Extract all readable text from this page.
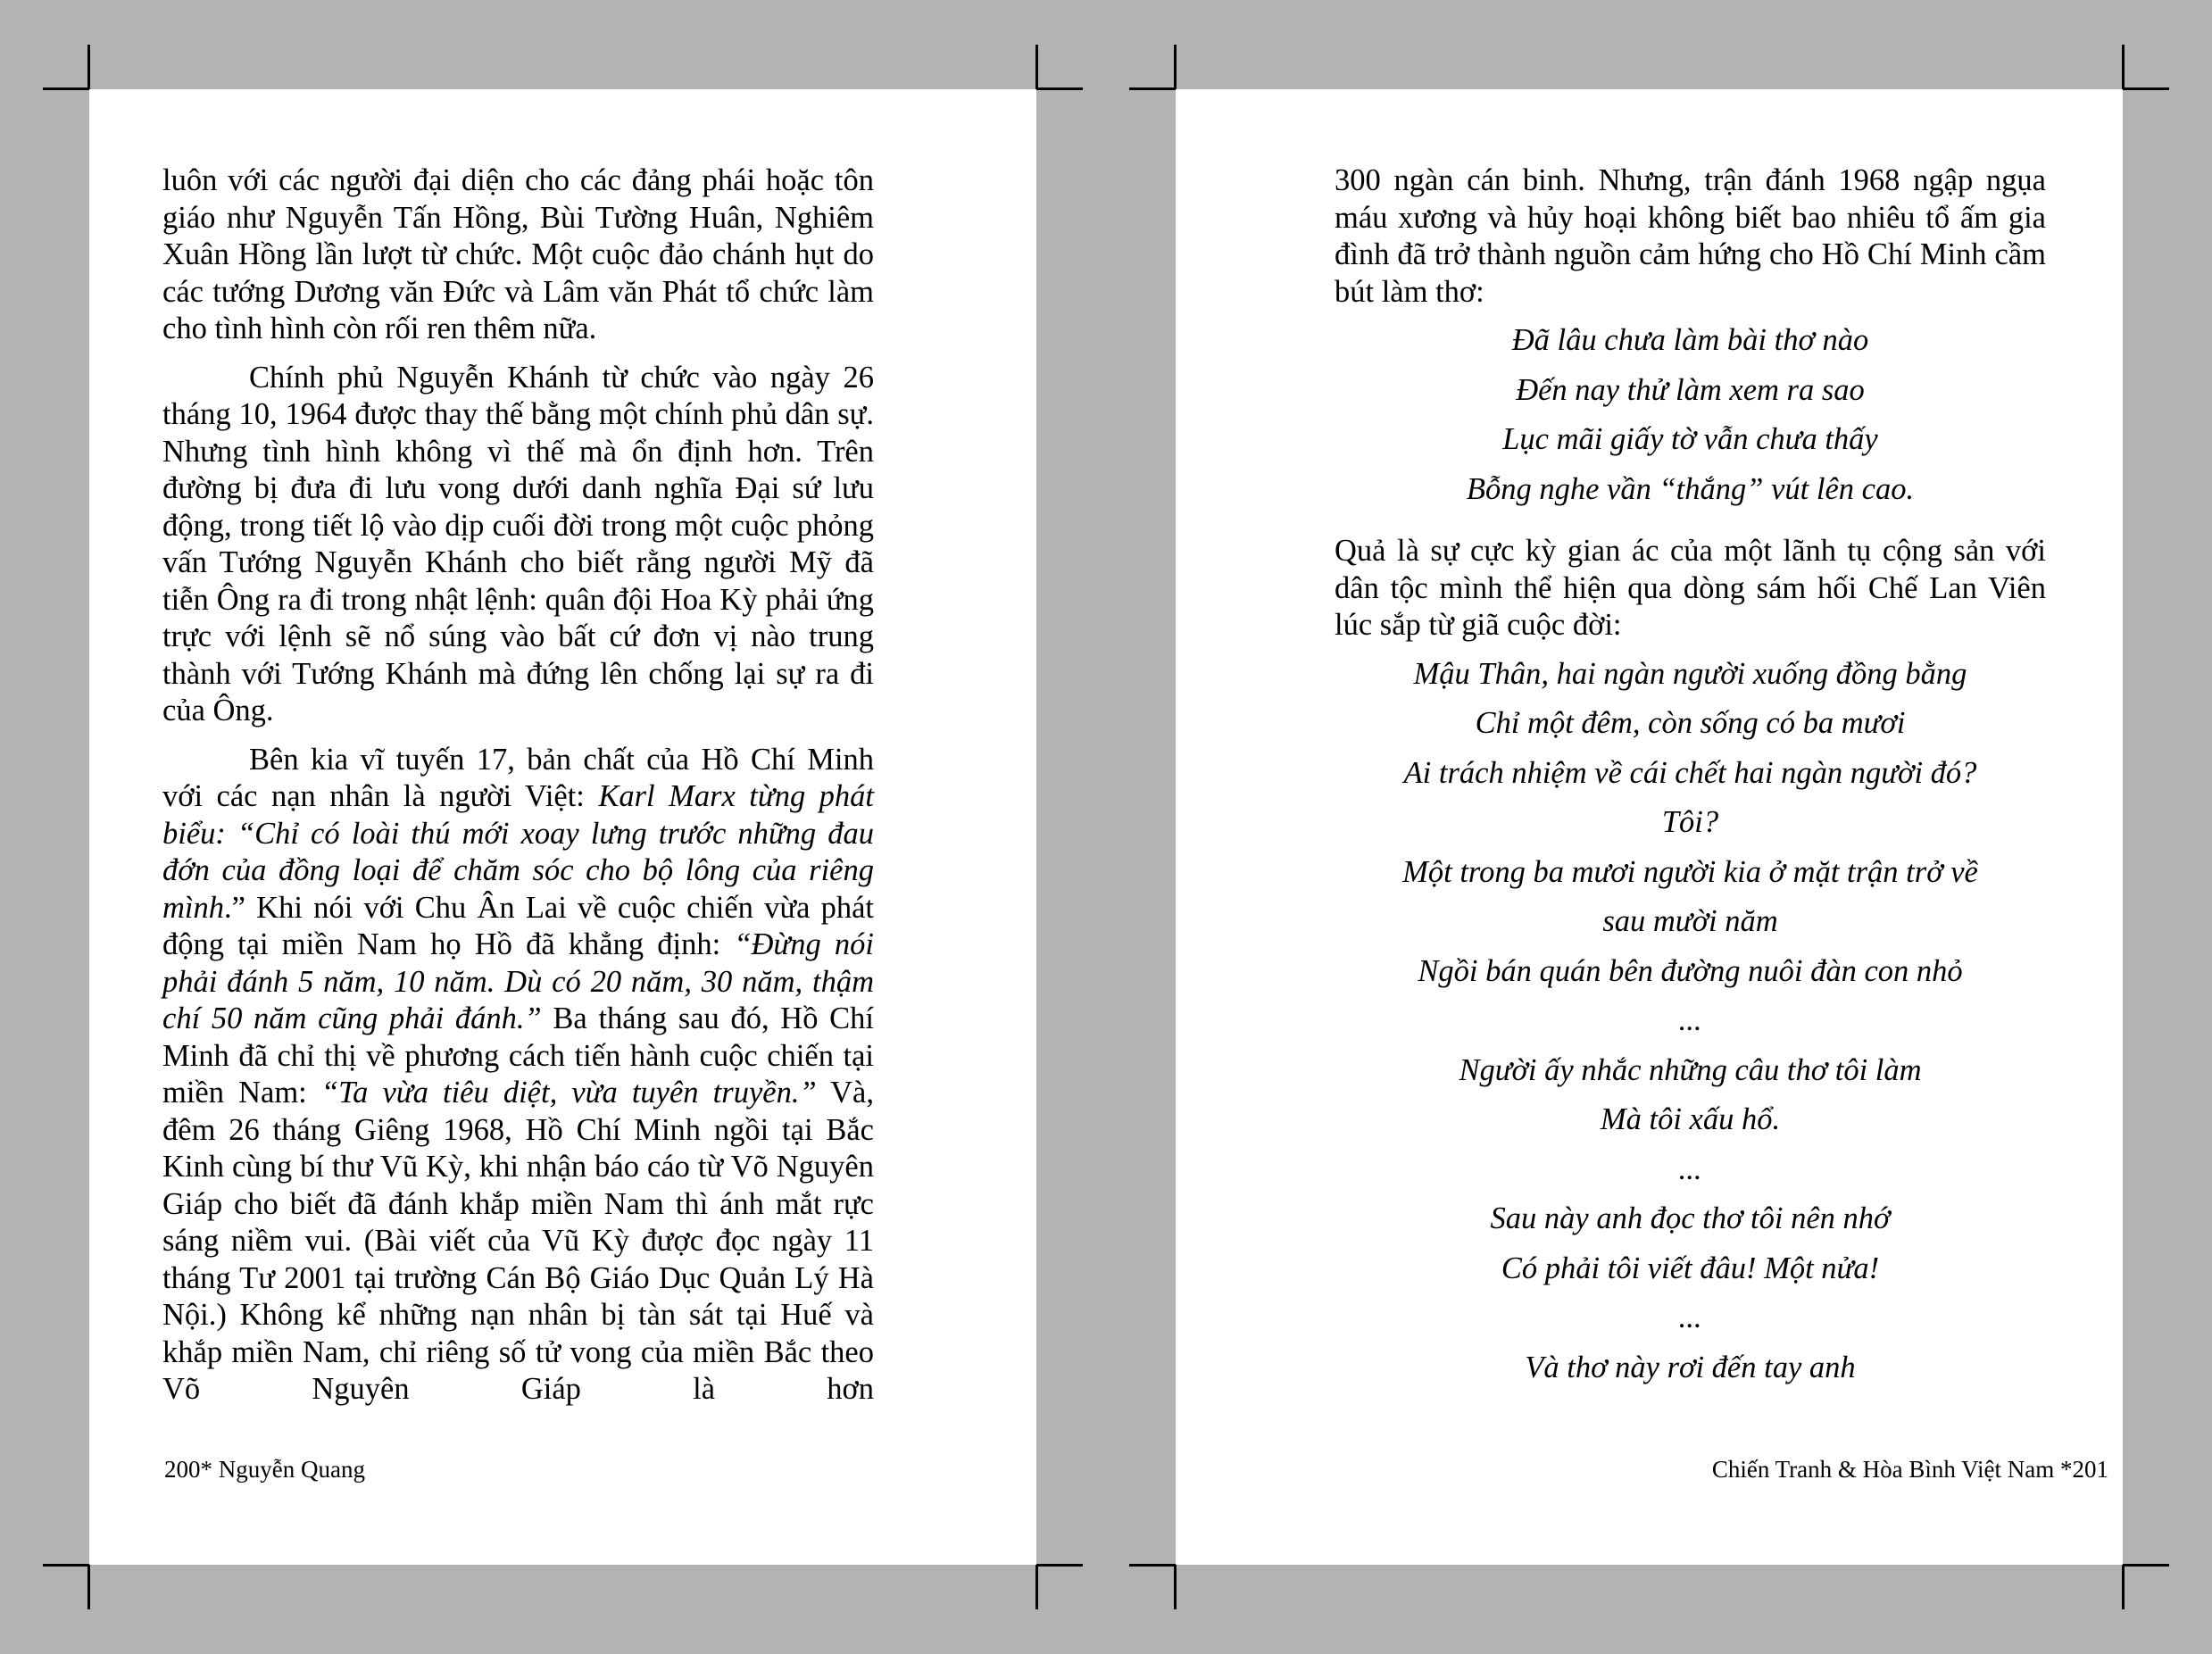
luôn với các người đại diện cho các đảng phái hoặc tôn giáo như Nguyễn Tấn Hồng, Bùi Tường Huân, Nghiêm Xuân Hồng lần lượt từ chức. Một cuộc đảo chánh hụt do các tướng Dương văn Đức và Lâm văn Phát tổ chức làm cho tình hình còn rối ren thêm nữa.

Chính phủ Nguyễn Khánh từ chức vào ngày 26 tháng 10, 1964 được thay thế bằng một chính phủ dân sự. Nhưng tình hình không vì thế mà ổn định hơn. Trên đường bị đưa đi lưu vong dưới danh nghĩa Đại sứ lưu động, trong tiết lộ vào dịp cuối đời trong một cuộc phỏng vấn Tướng Nguyễn Khánh cho biết rằng người Mỹ đã tiễn Ông ra đi trong nhật lệnh: quân đội Hoa Kỳ phải ứng trực với lệnh sẽ nổ súng vào bất cứ đơn vị nào trung thành với Tướng Khánh mà đứng lên chống lại sự ra đi của Ông.

Bên kia vĩ tuyến 17, bản chất của Hồ Chí Minh với các nạn nhân là người Việt: Karl Marx từng phát biểu: “Chỉ có loài thú mới xoay lưng trước những đau đớn của đồng loại để chăm sóc cho bộ lông của riêng mình.” Khi nói với Chu Ân Lai về cuộc chiến vừa phát động tại miền Nam họ Hồ đã khẳng định: “Đừng nói phải đánh 5 năm, 10 năm. Dù có 20 năm, 30 năm, thậm chí 50 năm cũng phải đánh.” Ba tháng sau đó, Hồ Chí Minh đã chỉ thị về phương cách tiến hành cuộc chiến tại miền Nam: “Ta vừa tiêu diệt, vừa tuyên truyền.” Và, đêm 26 tháng Giêng 1968, Hồ Chí Minh ngồi tại Bắc Kinh cùng bí thư Vũ Kỳ, khi nhận báo cáo từ Võ Nguyên Giáp cho biết đã đánh khắp miền Nam thì ánh mắt rực sáng niềm vui. (Bài viết của Vũ Kỳ được đọc ngày 11 tháng Tư 2001 tại trường Cán Bộ Giáo Dục Quản Lý Hà Nội.) Không kể những nạn nhân bị tàn sát tại Huế và khắp miền Nam, chỉ riêng số tử vong của miền Bắc theo Võ Nguyên Giáp là hơn

200* Nguyễn Quang

300 ngàn cán binh. Nhưng, trận đánh 1968 ngập ngụa máu xương và hủy hoại không biết bao nhiêu tổ ấm gia đình đã trở thành nguồn cảm hứng cho Hồ Chí Minh cầm bút làm thơ:

Đã lâu chưa làm bài thơ nào
Đến nay thử làm xem ra sao
Lục mãi giấy tờ vẫn chưa thấy
Bỗng nghe vần “thắng” vút lên cao.

Quả là sự cực kỳ gian ác của một lãnh tụ cộng sản với dân tộc mình thể hiện qua dòng sám hối Chế Lan Viên lúc sắp từ giã cuộc đời:

Mậu Thân, hai ngàn người xuống đồng bằng
Chỉ một đêm, còn sống có ba mươi
Ai trách nhiệm về cái chết hai ngàn người đó?
Tôi?
Một trong ba mươi người kia ở mặt trận trở về
sau mười năm
Ngồi bán quán bên đường nuôi đàn con nhỏ
...
Người ấy nhắc những câu thơ tôi làm
Mà tôi xấu hổ.
...
Sau này anh đọc thơ tôi nên nhớ
Có phải tôi viết đâu! Một nửa!
...
Và thơ này rơi đến tay anh
Chiến Tranh & Hòa Bình Việt Nam *201
